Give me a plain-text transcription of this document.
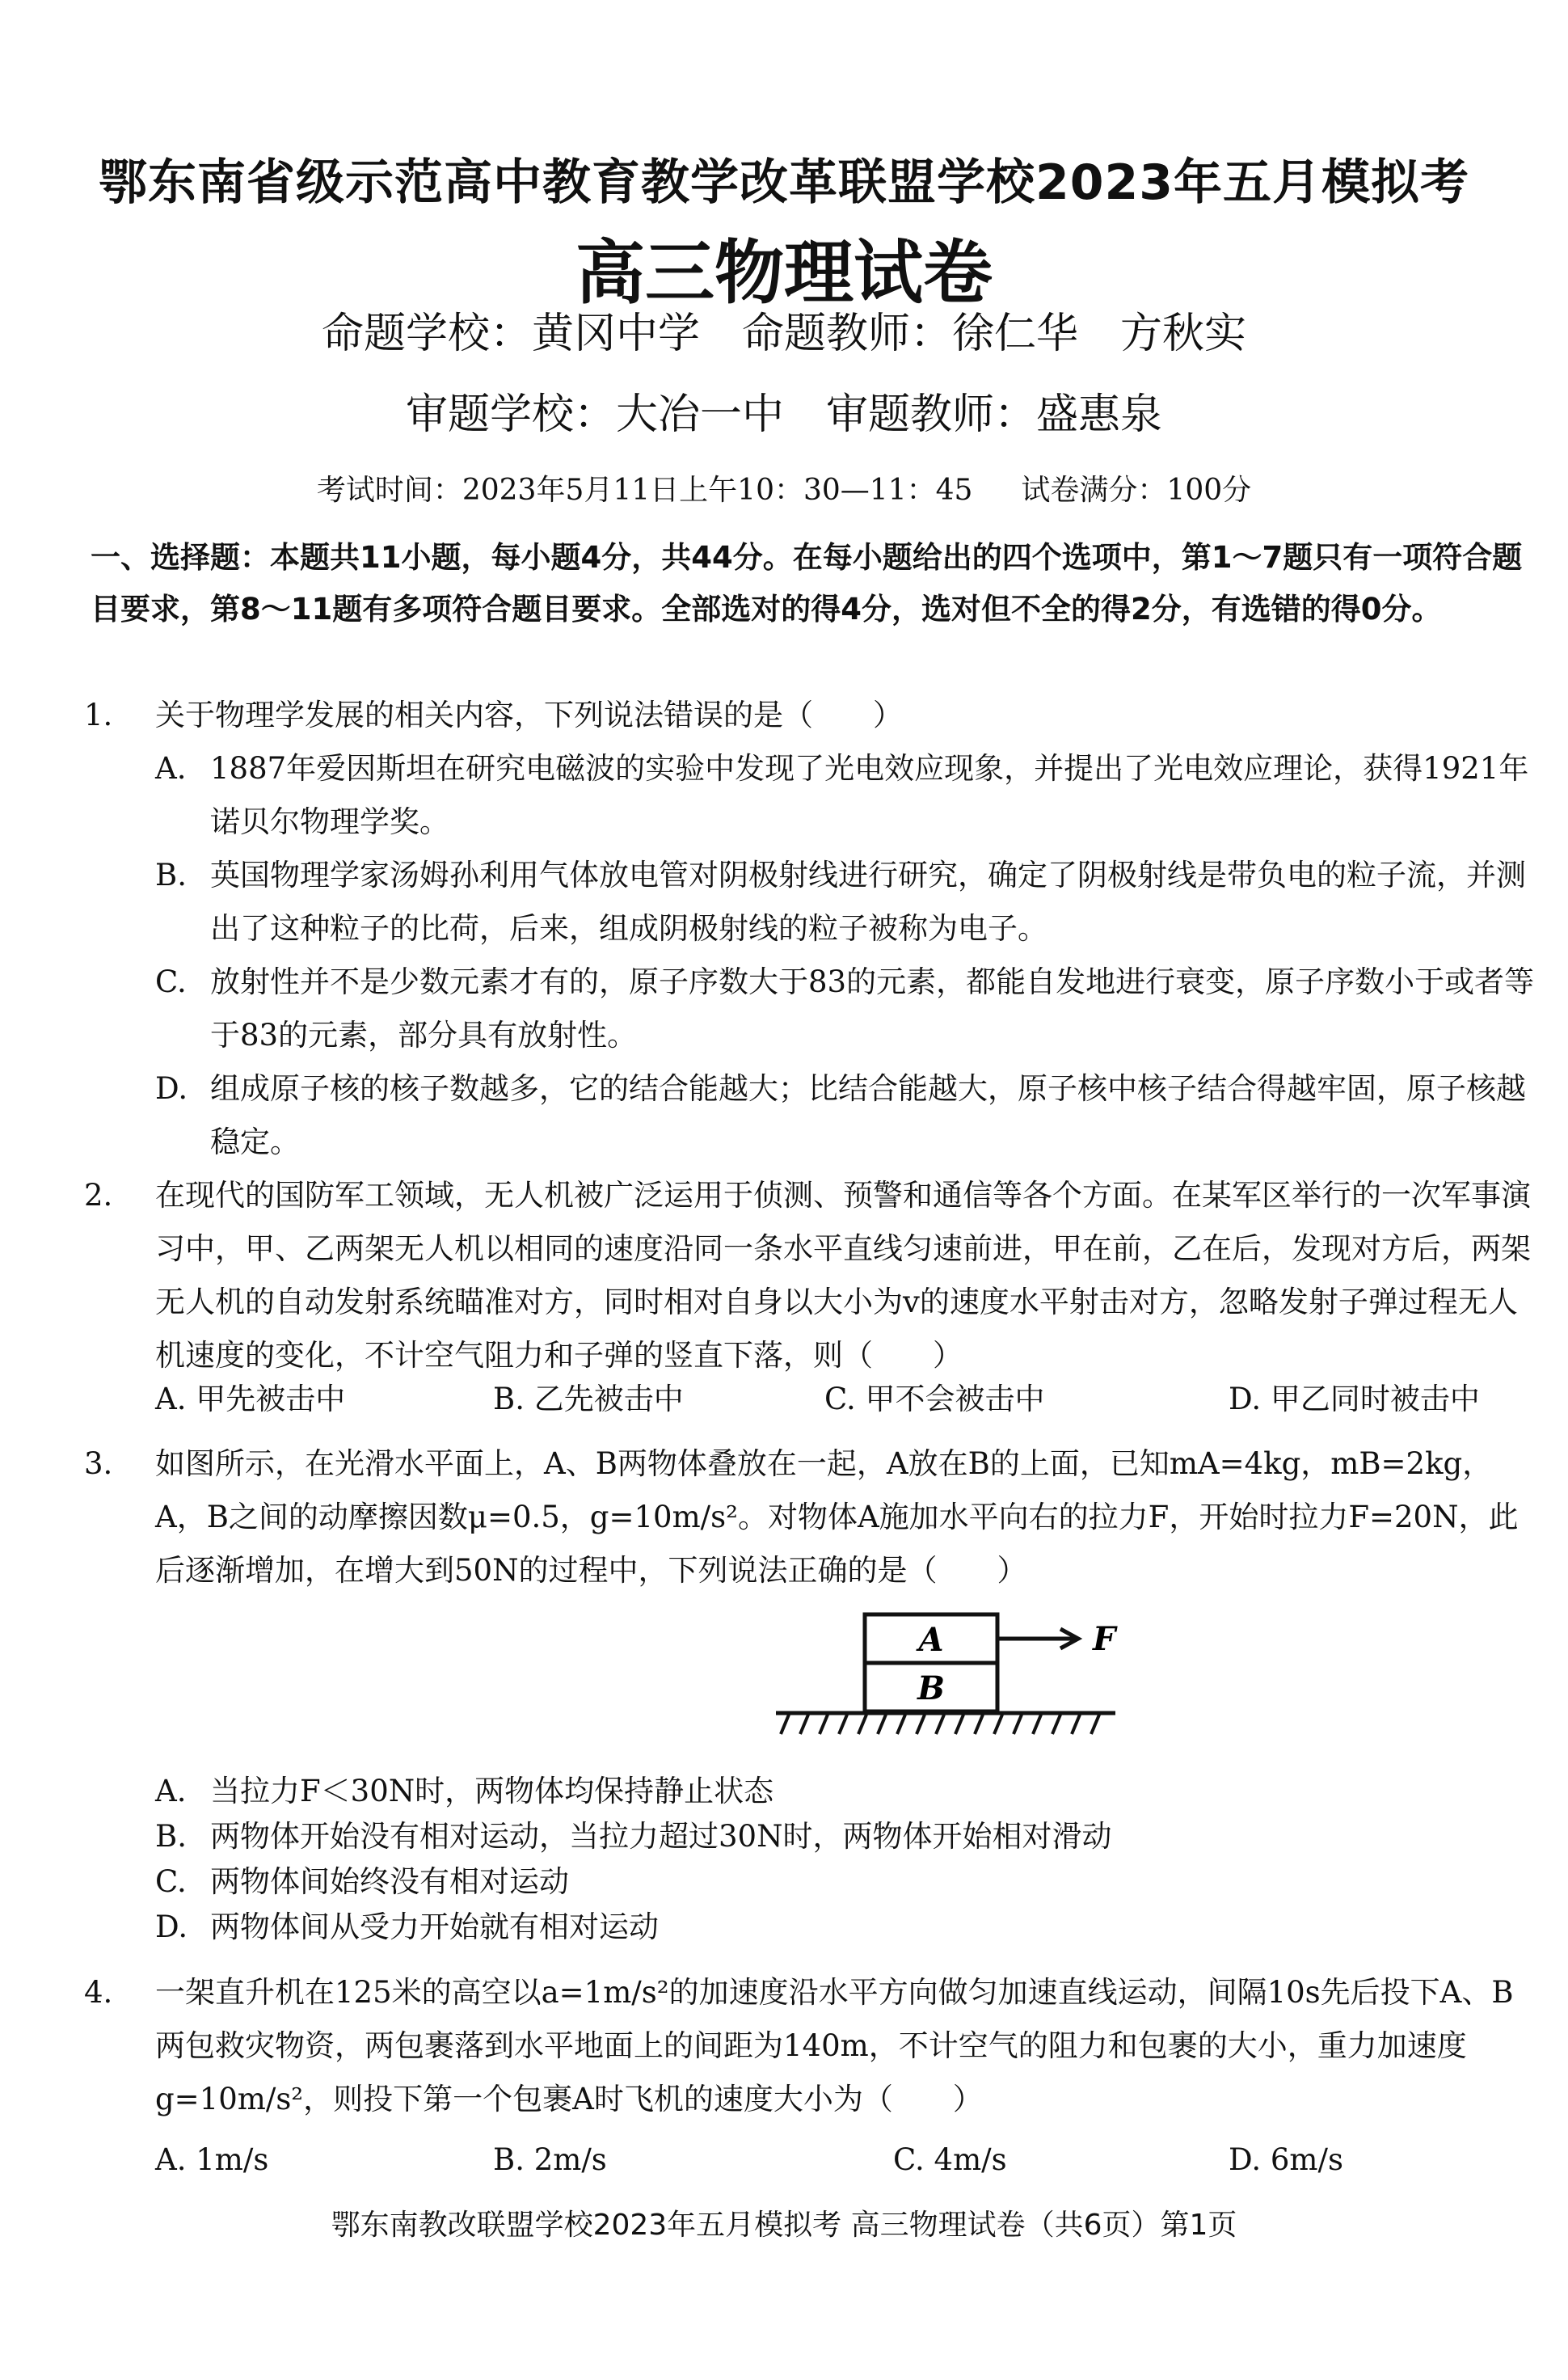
鄂东南省级示范高中教育教学改革联盟学校2023年五月模拟考
高三物理试卷
命题学校：黄冈中学 命题教师：徐仁华　方秋实
审题学校：大冶一中 审题教师：盛惠泉
考试时间：2023年5月11日上午10：30—11：45 试卷满分：100分
一、选择题：本题共11小题，每小题4分，共44分。在每小题给出的四个选项中，第1～7题只有一项符合题目要求，第8～11题有多项符合题目要求。全部选对的得4分，选对但不全的得2分，有选错的得0分。
1. 关于物理学发展的相关内容，下列说法错误的是（　　）
A. 1887年爱因斯坦在研究电磁波的实验中发现了光电效应现象，并提出了光电效应理论，获得1921年诺贝尔物理学奖。
B. 英国物理学家汤姆孙利用气体放电管对阴极射线进行研究，确定了阴极射线是带负电的粒子流，并测出了这种粒子的比荷，后来，组成阴极射线的粒子被称为电子。
C. 放射性并不是少数元素才有的，原子序数大于83的元素，都能自发地进行衰变，原子序数小于或者等于83的元素，部分具有放射性。
D. 组成原子核的核子数越多，它的结合能越大；比结合能越大，原子核中核子结合得越牢固，原子核越稳定。
2. 在现代的国防军工领域，无人机被广泛运用于侦测、预警和通信等各个方面。在某军区举行的一次军事演习中，甲、乙两架无人机以相同的速度沿同一条水平直线匀速前进，甲在前，乙在后，发现对方后，两架无人机的自动发射系统瞄准对方，同时相对自身以大小为v的速度水平射击对方，忽略发射子弹过程无人机速度的变化，不计空气阻力和子弹的竖直下落，则（　　）
A. 甲先被击中	B. 乙先被击中	C. 甲不会被击中	D. 甲乙同时被击中
3. 如图所示，在光滑水平面上，A、B两物体叠放在一起，A放在B的上面，已知mA=4kg，mB=2kg，A，B之间的动摩擦因数μ=0.5，g=10m/s²。对物体A施加水平向右的拉力F，开始时拉力F=20N，此后逐渐增加，在增大到50N的过程中，下列说法正确的是（　　）
A
B
F
A. 当拉力F＜30N时，两物体均保持静止状态
B. 两物体开始没有相对运动，当拉力超过30N时，两物体开始相对滑动
C. 两物体间始终没有相对运动
D. 两物体间从受力开始就有相对运动
4. 一架直升机在125米的高空以a=1m/s²的加速度沿水平方向做匀加速直线运动，间隔10s先后投下A、B两包救灾物资，两包裹落到水平地面上的间距为140m，不计空气的阻力和包裹的大小，重力加速度g=10m/s²，则投下第一个包裹A时飞机的速度大小为（　　）
A. 1m/s	B. 2m/s	C. 4m/s	D. 6m/s
鄂东南教改联盟学校2023年五月模拟考 高三物理试卷（共6页）第1页
